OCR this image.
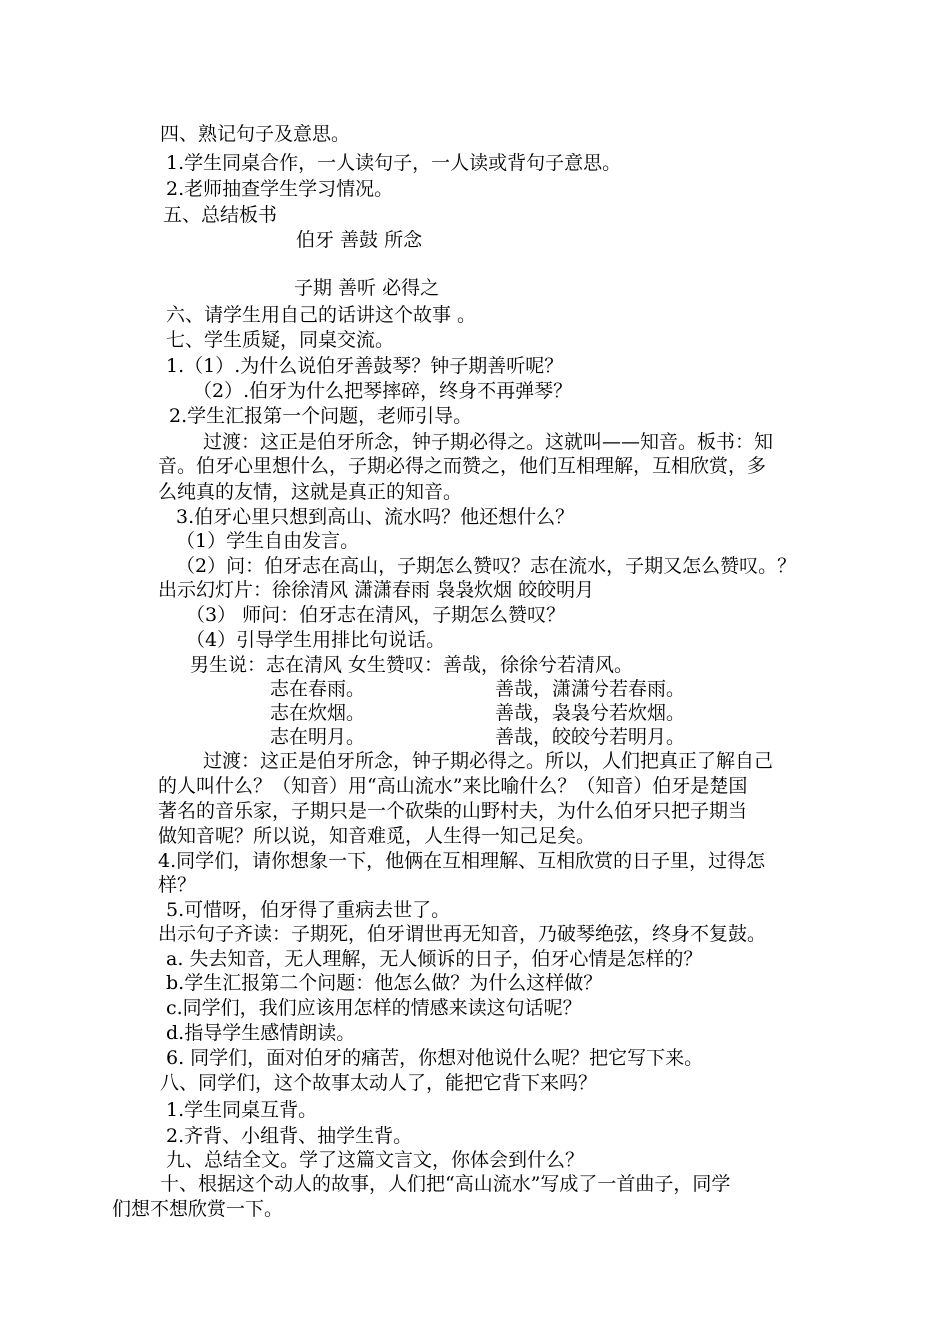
四、熟记句子及意思。
1.学生同桌合作，一人读句子，一人读或背句子意思。
2.老师抽查学生学习情况。
五、总结板书
伯牙 善鼓 所念
子期 善听 必得之
六、请学生用自己的话讲这个故事 。
七、学生质疑，同桌交流。
1.（1）.为什么说伯牙善鼓琴？钟子期善听呢？
（2）.伯牙为什么把琴摔碎，终身不再弹琴？
2.学生汇报第一个问题，老师引导。
过渡：这正是伯牙所念，钟子期必得之。这就叫——知音。板书：知
音。伯牙心里想什么，子期必得之而赞之，他们互相理解，互相欣赏，多
么纯真的友情，这就是真正的知音。
3.伯牙心里只想到高山、流水吗？他还想什么？
（1）学生自由发言。
（2）问：伯牙志在高山，子期怎么赞叹？志在流水，子期又怎么赞叹。？
出示幻灯片：徐徐清风 潇潇春雨 袅袅炊烟 皎皎明月
（3） 师问：伯牙志在清风，子期怎么赞叹？
（4）引导学生用排比句说话。
男生说：志在清风 女生赞叹：善哉，徐徐兮若清风。
志在春雨。	善哉，潇潇兮若春雨。
志在炊烟。	善哉，袅袅兮若炊烟。
志在明月。	善哉，皎皎兮若明月。
过渡：这正是伯牙所念，钟子期必得之。所以，人们把真正了解自己
的人叫什么？（知音）用“高山流水”来比喻什么？（知音）伯牙是楚国
著名的音乐家，子期只是一个砍柴的山野村夫，为什么伯牙只把子期当
做知音呢？所以说，知音难觅，人生得一知己足矣。
4.同学们，请你想象一下，他俩在互相理解、互相欣赏的日子里，过得怎
样？
5.可惜呀，伯牙得了重病去世了。
出示句子齐读：子期死，伯牙谓世再无知音，乃破琴绝弦，终身不复鼓。
a. 失去知音，无人理解，无人倾诉的日子，伯牙心情是怎样的？
b.学生汇报第二个问题：他怎么做？为什么这样做？
c.同学们，我们应该用怎样的情感来读这句话呢？
d.指导学生感情朗读。
6. 同学们，面对伯牙的痛苦，你想对他说什么呢？把它写下来。
八、同学们，这个故事太动人了，能把它背下来吗？
1.学生同桌互背。
2.齐背、小组背、抽学生背。
九、总结全文。学了这篇文言文，你体会到什么？
十、根据这个动人的故事，人们把“高山流水”写成了一首曲子，同学
们想不想欣赏一下。
